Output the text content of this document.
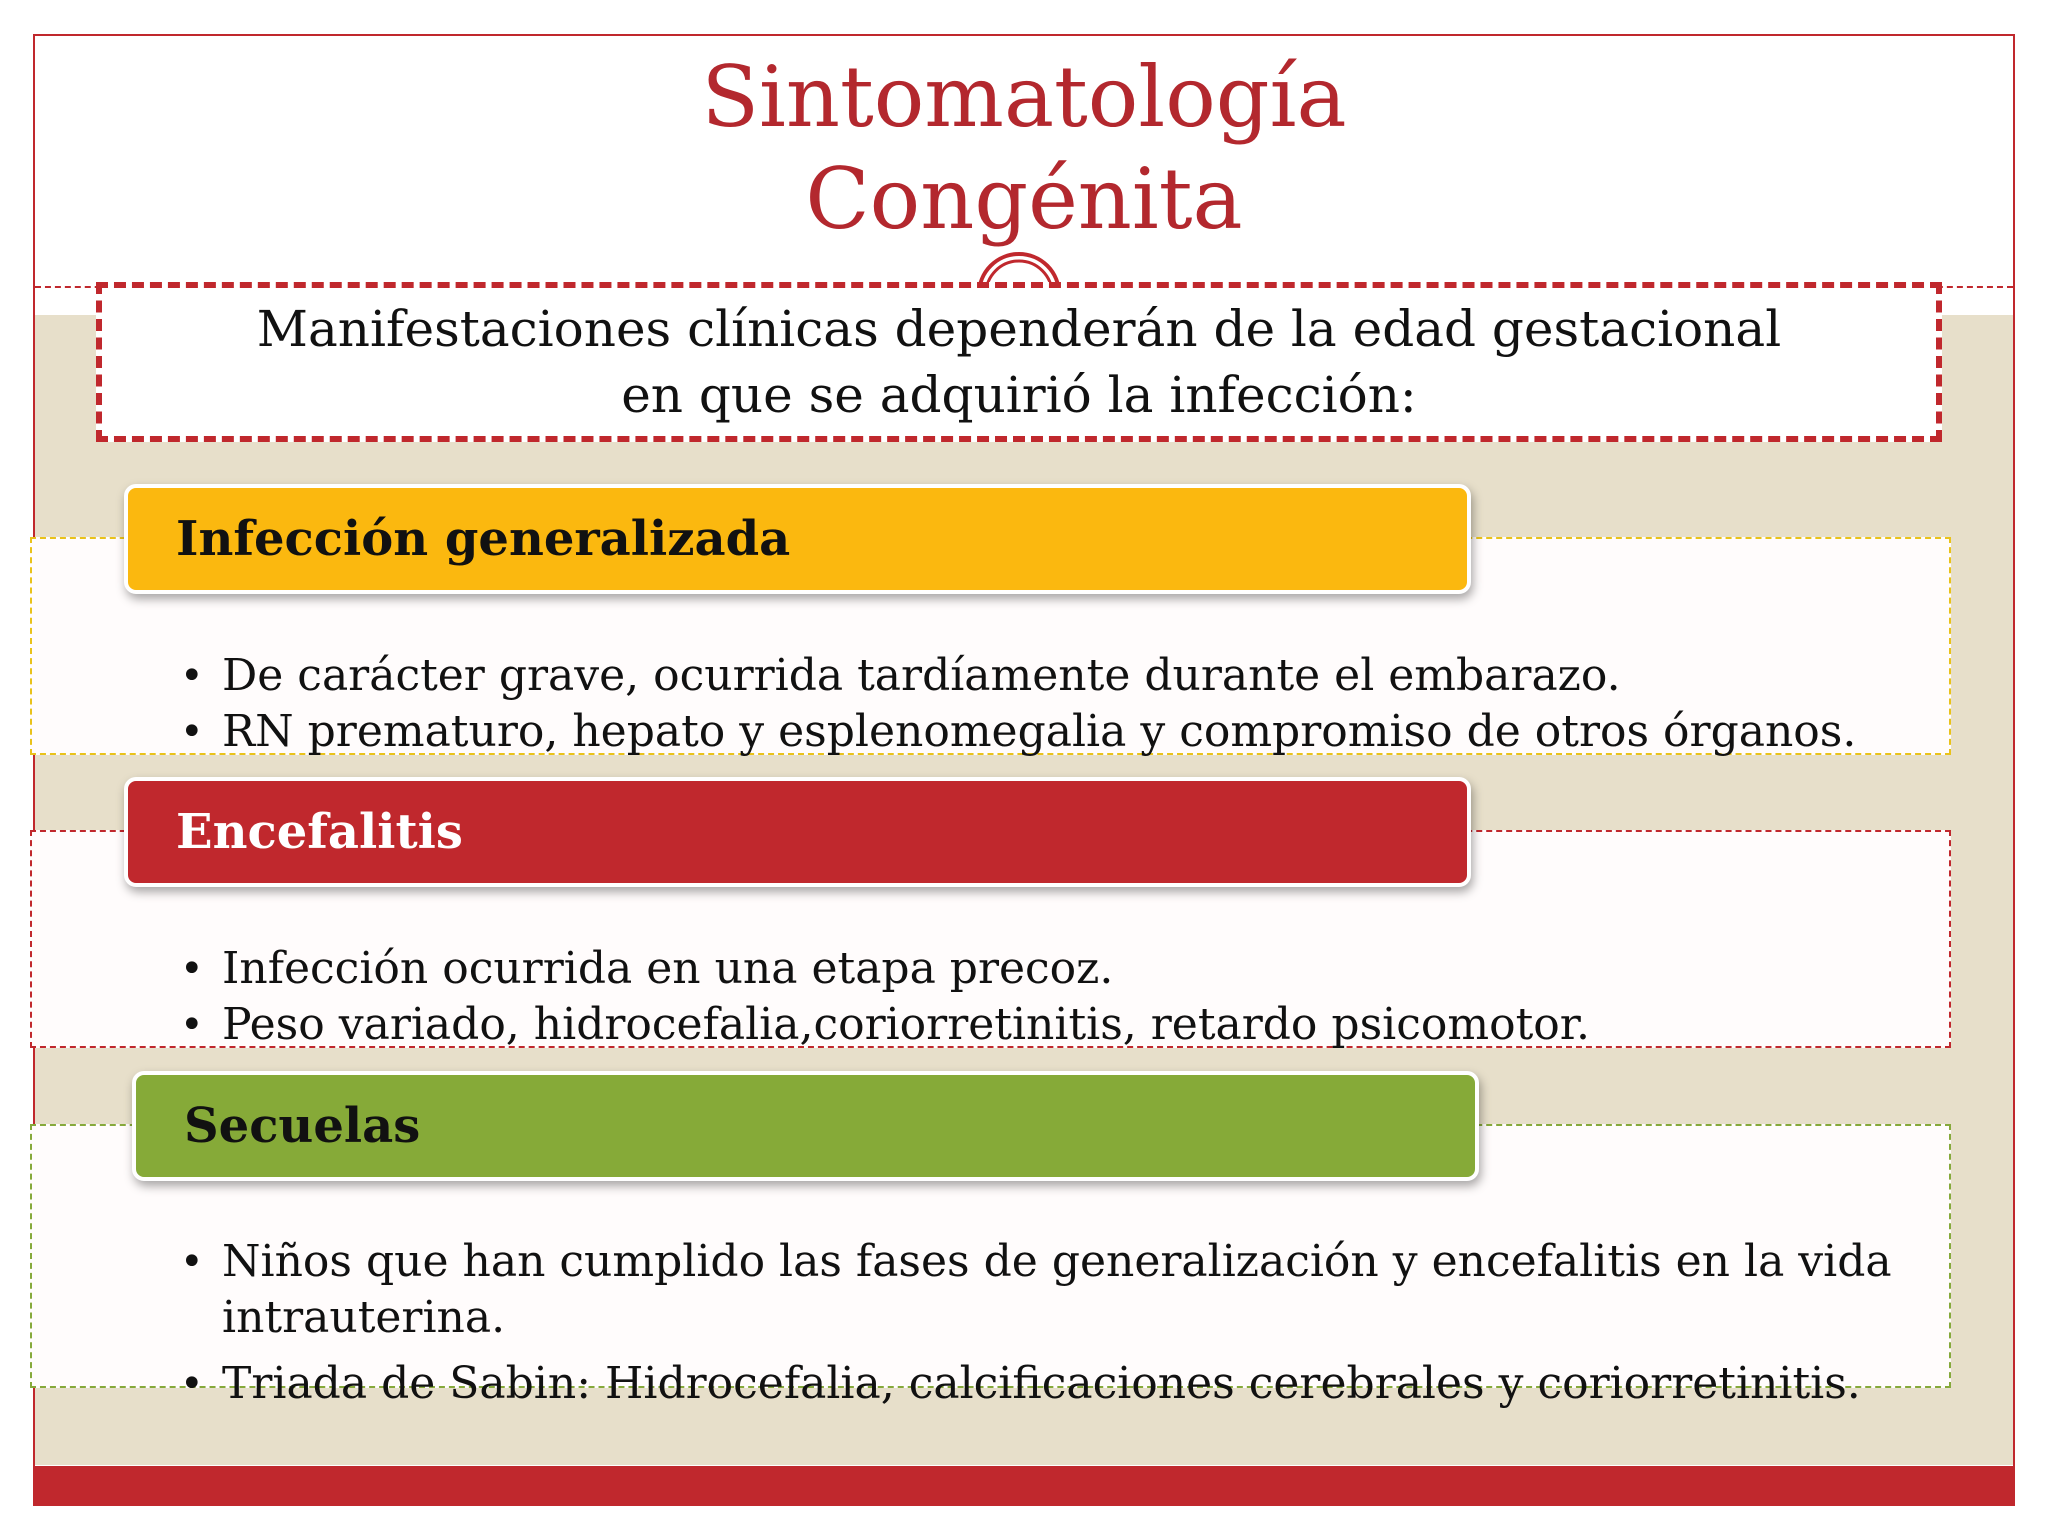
Sintomatología
Congénita
Manifestaciones clínicas dependerán de la edad gestacional
en que se adquirió la infección:
Infección generalizada
• De carácter grave, ocurrida tardíamente durante el embarazo.
• RN prematuro, hepato y esplenomegalia y compromiso de otros órganos.
Encefalitis
• Infección ocurrida en una etapa precoz.
• Peso variado, hidrocefalia,coriorretinitis, retardo psicomotor.
Secuelas
• Niños que han cumplido las fases de generalización y encefalitis en la vida intrauterina.
• Triada de Sabin: Hidrocefalia, calcificaciones cerebrales y coriorretinitis.
